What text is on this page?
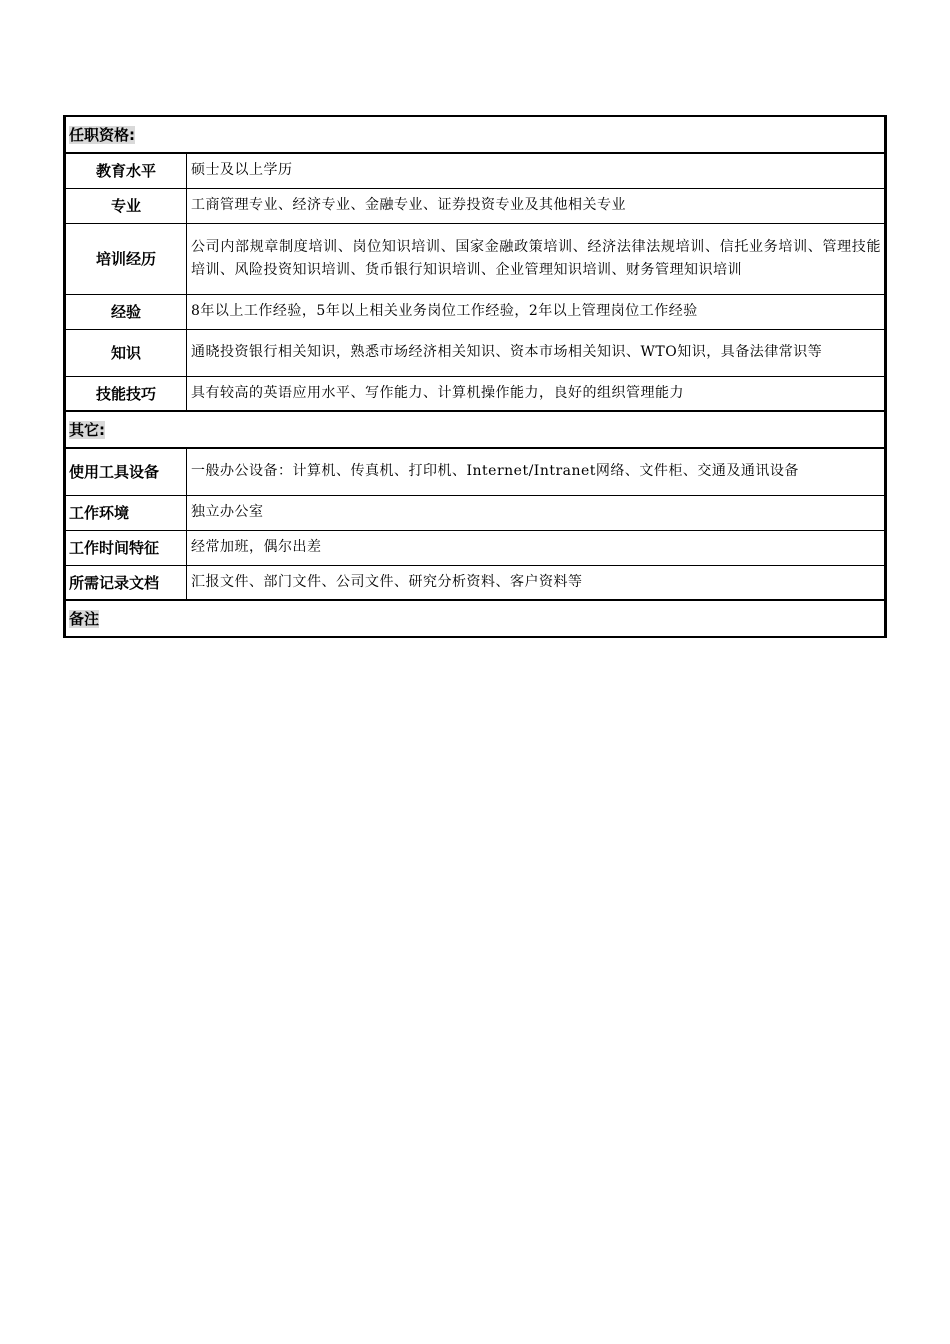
任职资格:	
教育水平	硕士及以上学历
专业	工商管理专业、经济专业、金融专业、证券投资专业及其他相关专业
培训经历	公司内部规章制度培训、岗位知识培训、国家金融政策培训、经济法律法规培训、信托业务培训、管理技能培训、风险投资知识培训、货币银行知识培训、企业管理知识培训、财务管理知识培训
经验	8年以上工作经验，5年以上相关业务岗位工作经验，2年以上管理岗位工作经验
知识	通晓投资银行相关知识，熟悉市场经济相关知识、资本市场相关知识、WTO知识，具备法律常识等
技能技巧	具有较高的英语应用水平、写作能力、计算机操作能力，良好的组织管理能力
其它:	
使用工具设备	一般办公设备：计算机、传真机、打印机、Internet/Intranet网络、文件柜、交通及通讯设备
工作环境	独立办公室
工作时间特征	经常加班，偶尔出差
所需记录文档	汇报文件、部门文件、公司文件、研究分析资料、客户资料等
备注	
